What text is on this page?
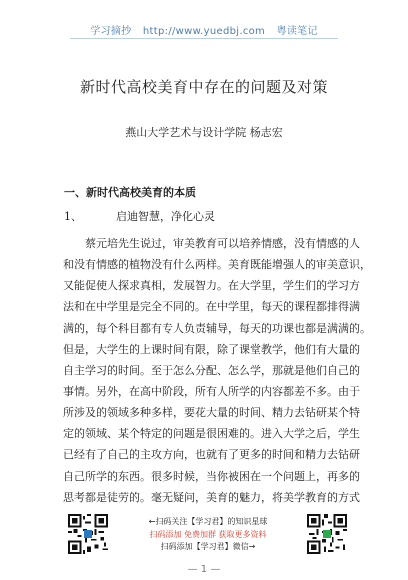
学习摘抄 http://www.yuedbj.com 粤读笔记
新时代高校美育中存在的问题及对策
燕山大学艺术与设计学院 杨志宏
一、新时代高校美育的本质
1、	启迪智慧，净化心灵
蔡元培先生说过，审美教育可以培养情感，没有情感的人
和没有情感的植物没有什么两样。美育既能增强人的审美意识，
又能促使人探求真相，发展智力。在大学里，学生们的学习方
法和在中学里是完全不同的。在中学里，每天的课程都排得满
满的，每个科目都有专人负责辅导，每天的功课也都是满满的。
但是，大学生的上课时间有限，除了课堂教学，他们有大量的
自主学习的时间。至于怎么分配、怎么学，那就是他们自己的
事情。另外，在高中阶段，所有人所学的内容都差不多。由于
所涉及的领域多种多样，要花大量的时间、精力去钻研某个特
定的领域、某个特定的问题是很困难的。进入大学之后，学生
已经有了自己的主攻方向，也就有了更多的时间和精力去钻研
自己所学的东西。很多时候，当你被困在一个问题上，再多的
思考都是徒劳的。毫无疑问，美育的魅力，将美学教育的方式
←扫码关注【学习君】的知识星球
扫码添加 免费加群 获取更多资料
扫码添加【学习君】微信→
— 1 —
